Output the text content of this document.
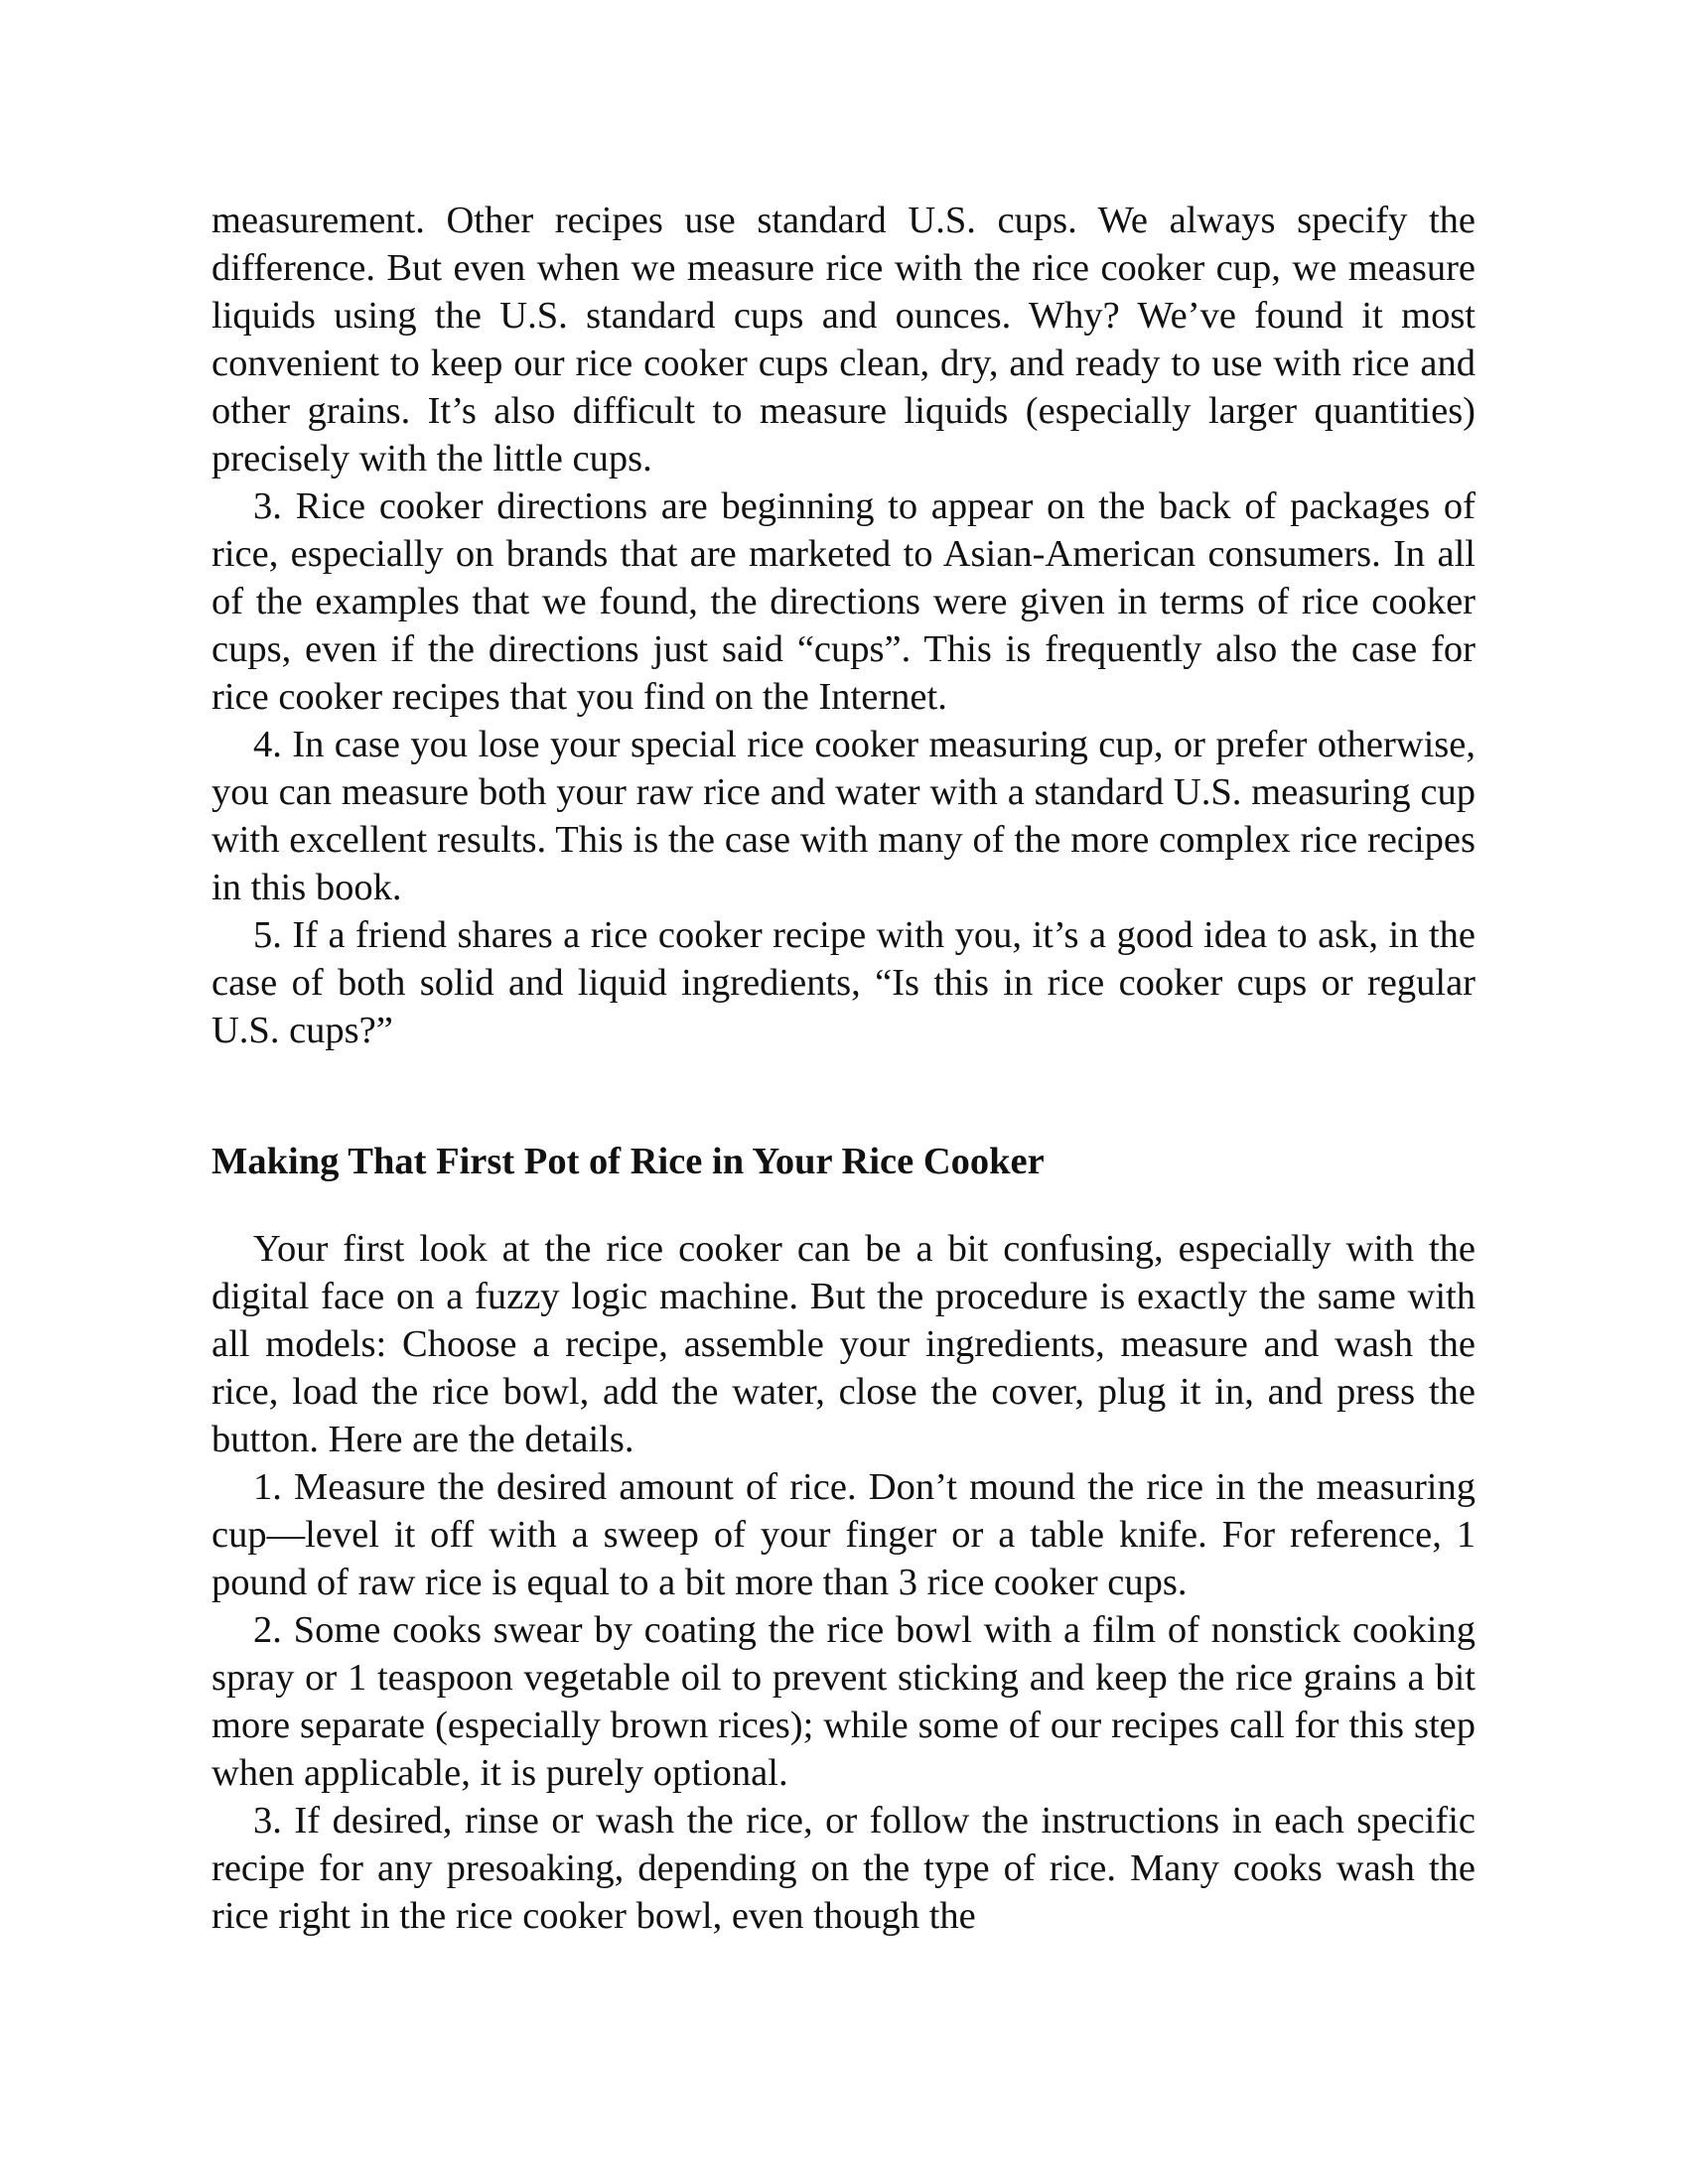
measurement. Other recipes use standard U.S. cups. We always specify the difference. But even when we measure rice with the rice cooker cup, we measure liquids using the U.S. standard cups and ounces. Why? We’ve found it most convenient to keep our rice cooker cups clean, dry, and ready to use with rice and other grains. It’s also difficult to measure liquids (especially larger quantities) precisely with the little cups.

3. Rice cooker directions are beginning to appear on the back of packages of rice, especially on brands that are marketed to Asian-American consumers. In all of the examples that we found, the directions were given in terms of rice cooker cups, even if the directions just said “cups”. This is frequently also the case for rice cooker recipes that you find on the Internet.

4. In case you lose your special rice cooker measuring cup, or prefer otherwise, you can measure both your raw rice and water with a standard U.S. measuring cup with excellent results. This is the case with many of the more complex rice recipes in this book.

5. If a friend shares a rice cooker recipe with you, it’s a good idea to ask, in the case of both solid and liquid ingredients, “Is this in rice cooker cups or regular U.S. cups?”

Making That First Pot of Rice in Your Rice Cooker

Your first look at the rice cooker can be a bit confusing, especially with the digital face on a fuzzy logic machine. But the procedure is exactly the same with all models: Choose a recipe, assemble your ingredients, measure and wash the rice, load the rice bowl, add the water, close the cover, plug it in, and press the button. Here are the details.

1. Measure the desired amount of rice. Don’t mound the rice in the measuring cup—level it off with a sweep of your finger or a table knife. For reference, 1 pound of raw rice is equal to a bit more than 3 rice cooker cups.

2. Some cooks swear by coating the rice bowl with a film of nonstick cooking spray or 1 teaspoon vegetable oil to prevent sticking and keep the rice grains a bit more separate (especially brown rices); while some of our recipes call for this step when applicable, it is purely optional.

3. If desired, rinse or wash the rice, or follow the instructions in each specific recipe for any presoaking, depending on the type of rice. Many cooks wash the rice right in the rice cooker bowl, even though the
